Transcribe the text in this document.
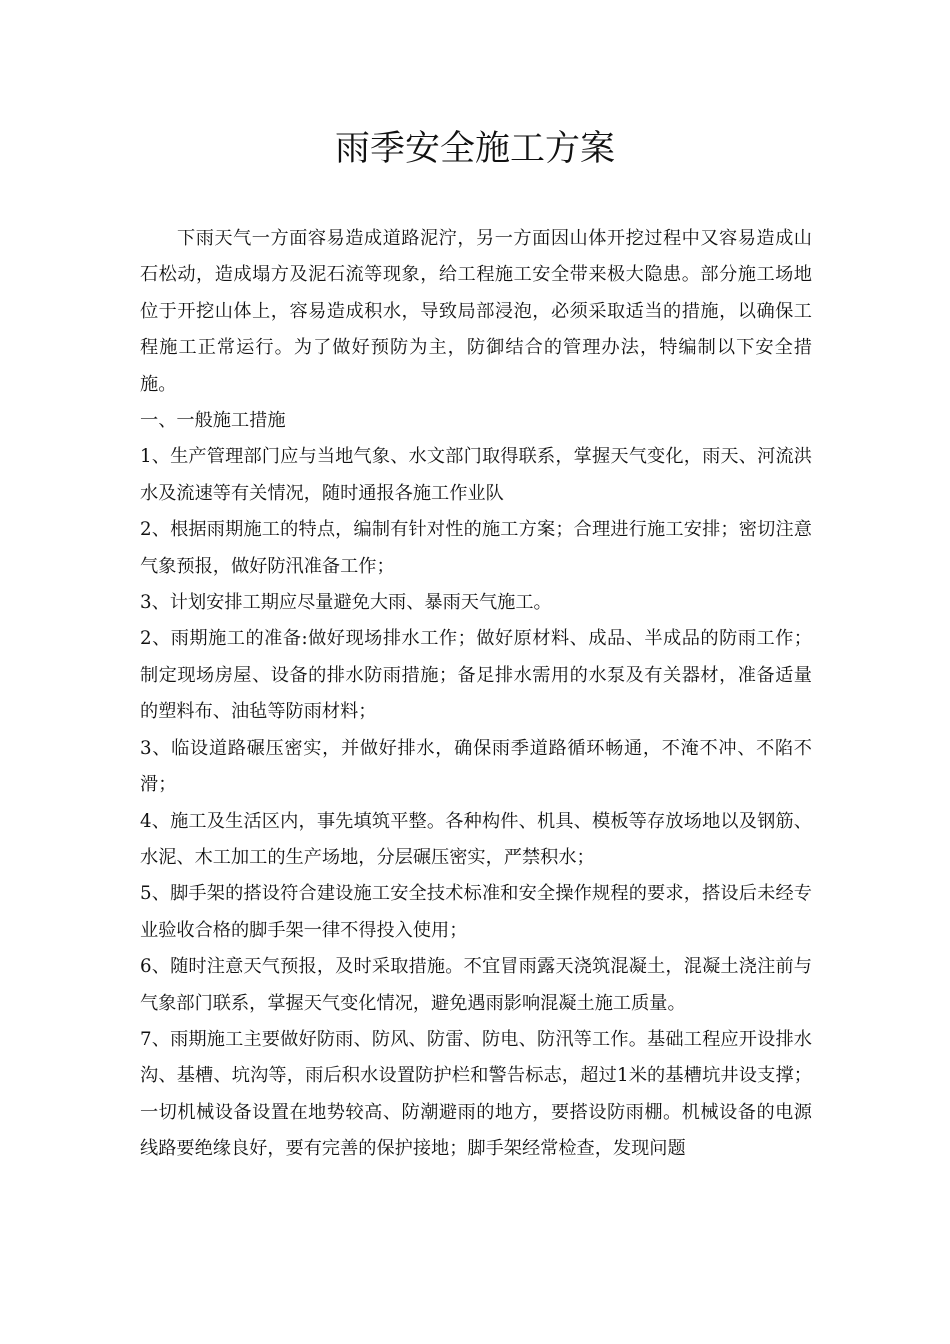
雨季安全施工方案

下雨天气一方面容易造成道路泥泞，另一方面因山体开挖过程中又容易造成山石松动，造成塌方及泥石流等现象，给工程施工安全带来极大隐患。部分施工场地位于开挖山体上，容易造成积水，导致局部浸泡，必须采取适当的措施，以确保工程施工正常运行。为了做好预防为主，防御结合的管理办法，特编制以下安全措施。

一、一般施工措施

1、生产管理部门应与当地气象、水文部门取得联系，掌握天气变化，雨天、河流洪水及流速等有关情况，随时通报各施工作业队

2、根据雨期施工的特点，编制有针对性的施工方案；合理进行施工安排；密切注意气象预报，做好防汛准备工作；

3、计划安排工期应尽量避免大雨、暴雨天气施工。

2、雨期施工的准备:做好现场排水工作；做好原材料、成品、半成品的防雨工作；制定现场房屋、设备的排水防雨措施；备足排水需用的水泵及有关器材，准备适量的塑料布、油毡等防雨材料；

3、临设道路碾压密实，并做好排水，确保雨季道路循环畅通，不淹不冲、不陷不滑；

4、施工及生活区内，事先填筑平整。各种构件、机具、模板等存放场地以及钢筋、水泥、木工加工的生产场地，分层碾压密实，严禁积水；

5、脚手架的搭设符合建设施工安全技术标准和安全操作规程的要求，搭设后未经专业验收合格的脚手架一律不得投入使用；

6、随时注意天气预报，及时采取措施。不宜冒雨露天浇筑混凝土，混凝土浇注前与气象部门联系，掌握天气变化情况，避免遇雨影响混凝土施工质量。

7、雨期施工主要做好防雨、防风、防雷、防电、防汛等工作。基础工程应开设排水沟、基槽、坑沟等，雨后积水设置防护栏和警告标志，超过1米的基槽坑井设支撑；一切机械设备设置在地势较高、防潮避雨的地方，要搭设防雨棚。机械设备的电源线路要绝缘良好，要有完善的保护接地；脚手架经常检查，发现问题
